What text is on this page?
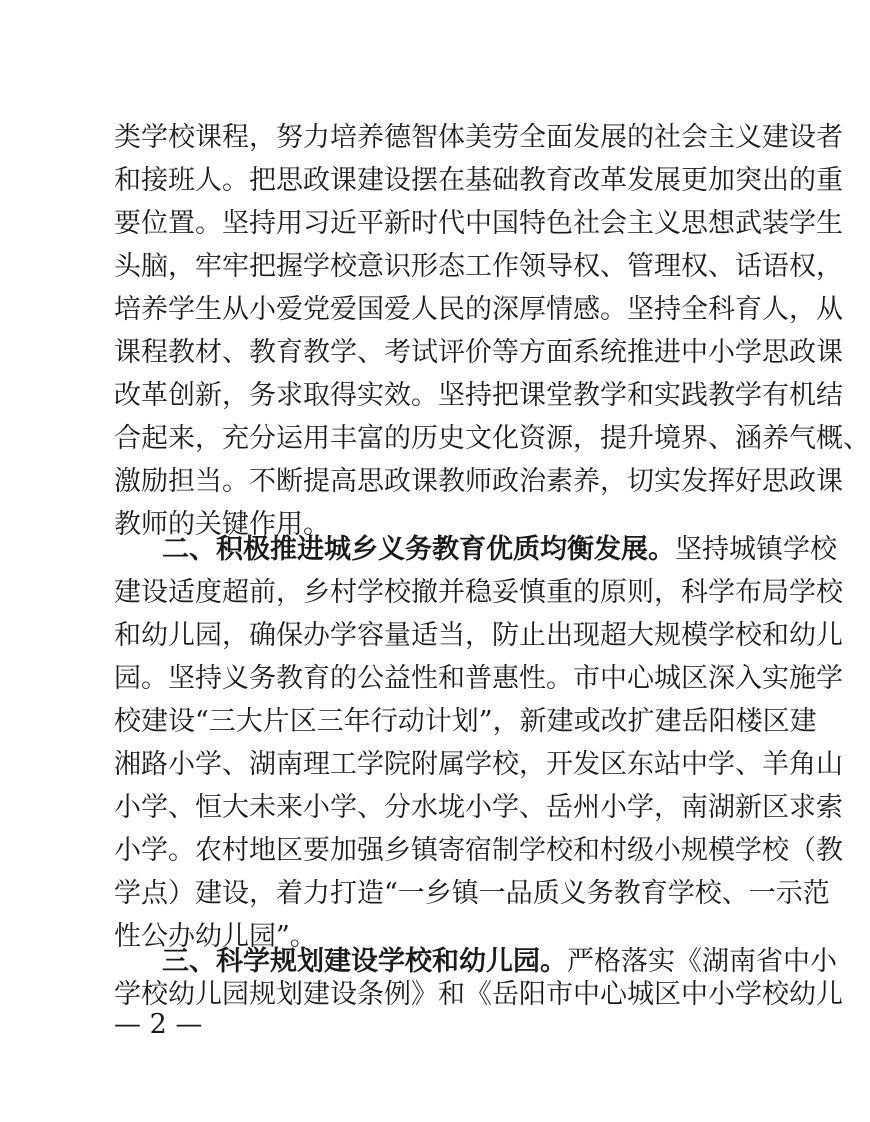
类学校课程，努力培养德智体美劳全面发展的社会主义建设者
和接班人。把思政课建设摆在基础教育改革发展更加突出的重
要位置。坚持用习近平新时代中国特色社会主义思想武装学生
头脑，牢牢把握学校意识形态工作领导权、管理权、话语权，
培养学生从小爱党爱国爱人民的深厚情感。坚持全科育人，从
课程教材、教育教学、考试评价等方面系统推进中小学思政课
改革创新，务求取得实效。坚持把课堂教学和实践教学有机结
合起来，充分运用丰富的历史文化资源，提升境界、涵养气概、
激励担当。不断提高思政课教师政治素养，切实发挥好思政课
教师的关键作用。
二、积极推进城乡义务教育优质均衡发展。坚持城镇学校
建设适度超前，乡村学校撤并稳妥慎重的原则，科学布局学校
和幼儿园，确保办学容量适当，防止出现超大规模学校和幼儿
园。坚持义务教育的公益性和普惠性。市中心城区深入实施学
校建设“三大片区三年行动计划”，新建或改扩建岳阳楼区建
湘路小学、湖南理工学院附属学校，开发区东站中学、羊角山
小学、恒大未来小学、分水垅小学、岳州小学，南湖新区求索
小学。农村地区要加强乡镇寄宿制学校和村级小规模学校（教
学点）建设，着力打造“一乡镇一品质义务教育学校、一示范
性公办幼儿园”。
三、科学规划建设学校和幼儿园。严格落实《湖南省中小
学校幼儿园规划建设条例》和《岳阳市中心城区中小学校幼儿
— 2 —
